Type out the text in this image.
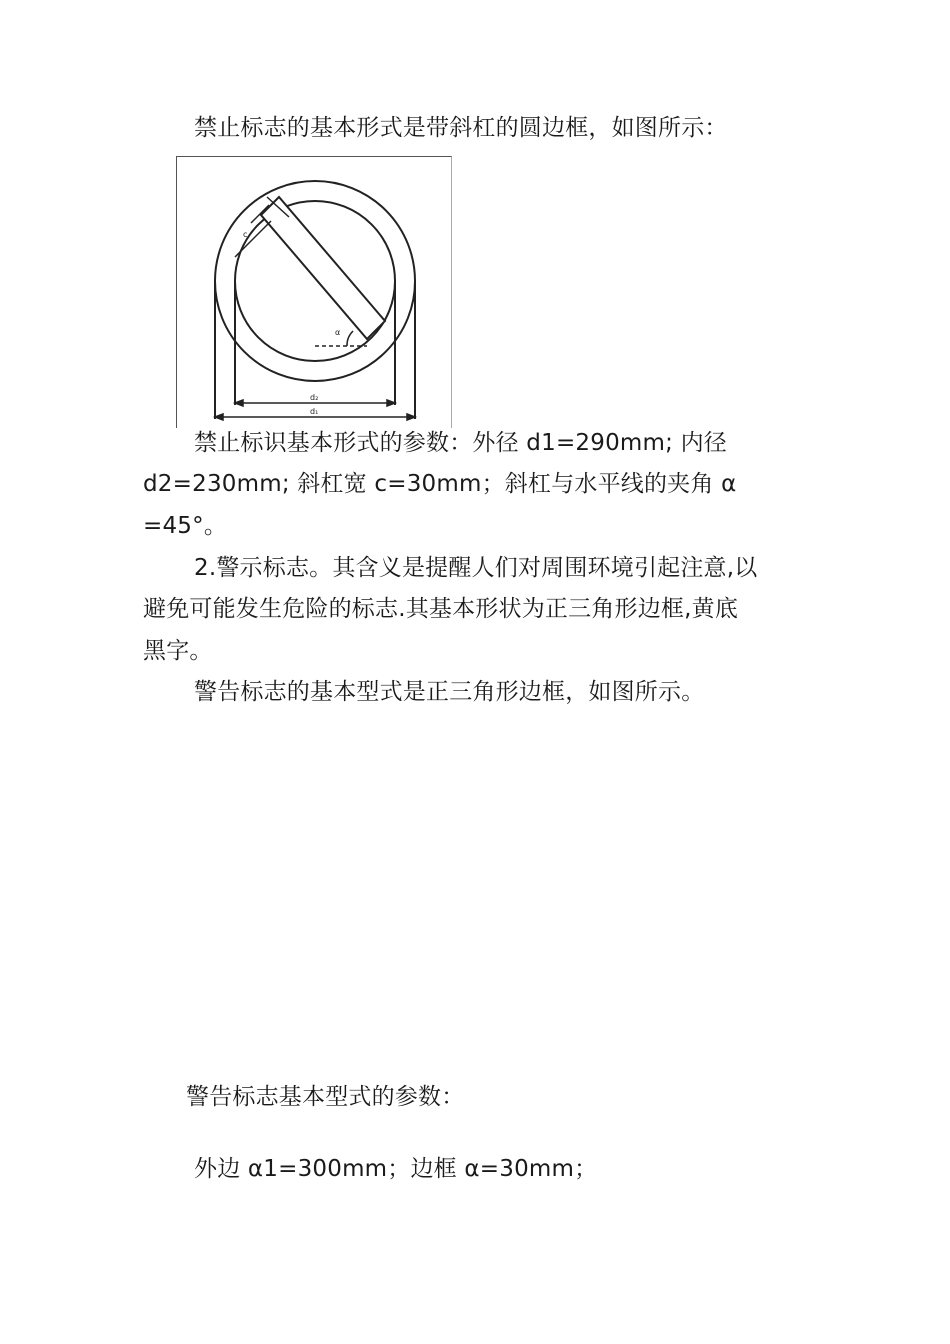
禁止标志的基本形式是带斜杠的圆边框，如图所示：
c
α
d₂
d₁
禁止标识基本形式的参数：外径 d1=290mm; 内径
d2=230mm; 斜杠宽 c=30mm；斜杠与水平线的夹角 α
=45°。
2.警示标志。其含义是提醒人们对周围环境引起注意,以
避免可能发生危险的标志.其基本形状为正三角形边框,黄底
黑字。
警告标志的基本型式是正三角形边框，如图所示。
警告标志基本型式的参数：
外边 α1=300mm；边框 α=30mm；
